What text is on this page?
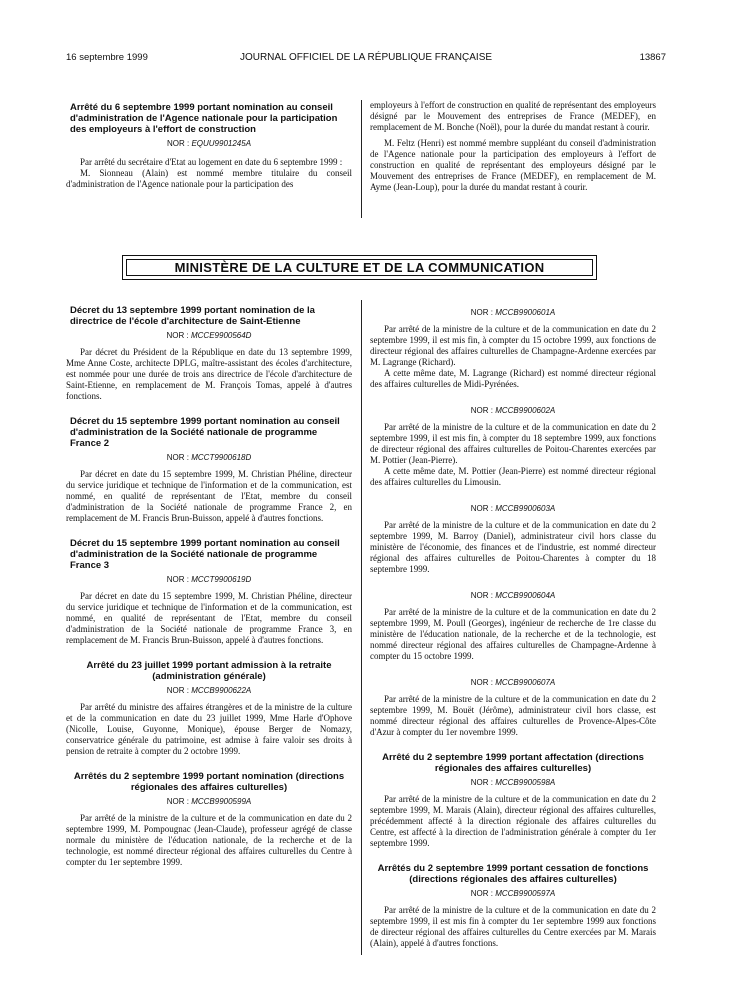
16 septembre 1999	JOURNAL OFFICIEL DE LA RÉPUBLIQUE FRANÇAISE	13867
Arrêté du 6 septembre 1999 portant nomination au conseil d'administration de l'Agence nationale pour la participation des employeurs à l'effort de construction
NOR : EQUU9901245A

Par arrêté du secrétaire d'Etat au logement en date du 6 septembre 1999 :

M. Sionneau (Alain) est nommé membre titulaire du conseil d'administration de l'Agence nationale pour la participation des

employeurs à l'effort de construction en qualité de représentant des employeurs désigné par le Mouvement des entreprises de France (MEDEF), en remplacement de M. Bonche (Noël), pour la durée du mandat restant à courir.

M. Feltz (Henri) est nommé membre suppléant du conseil d'administration de l'Agence nationale pour la participation des employeurs à l'effort de construction en qualité de représentant des employeurs désigné par le Mouvement des entreprises de France (MEDEF), en remplacement de M. Ayme (Jean-Loup), pour la durée du mandat restant à courir.

MINISTÈRE DE LA CULTURE ET DE LA COMMUNICATION
Décret du 13 septembre 1999 portant nomination de la directrice de l'école d'architecture de Saint-Etienne
NOR : MCCE9900564D

Par décret du Président de la République en date du 13 septembre 1999, Mme Anne Coste, architecte DPLG, maître-assistant des écoles d'architecture, est nommée pour une durée de trois ans directrice de l'école d'architecture de Saint-Etienne, en remplacement de M. François Tomas, appelé à d'autres fonctions.

Décret du 15 septembre 1999 portant nomination au conseil d'administration de la Société nationale de programme France 2
NOR : MCCT9900618D

Par décret en date du 15 septembre 1999, M. Christian Phéline, directeur du service juridique et technique de l'information et de la communication, est nommé, en qualité de représentant de l'Etat, membre du conseil d'administration de la Société nationale de programme France 2, en remplacement de M. Francis Brun-Buisson, appelé à d'autres fonctions.

Décret du 15 septembre 1999 portant nomination au conseil d'administration de la Société nationale de programme France 3
NOR : MCCT9900619D

Par décret en date du 15 septembre 1999, M. Christian Phéline, directeur du service juridique et technique de l'information et de la communication, est nommé, en qualité de représentant de l'Etat, membre du conseil d'administration de la Société nationale de programme France 3, en remplacement de M. Francis Brun-Buisson, appelé à d'autres fonctions.

Arrêté du 23 juillet 1999 portant admission à la retraite (administration générale)
NOR : MCCB9900622A

Par arrêté du ministre des affaires étrangères et de la ministre de la culture et de la communication en date du 23 juillet 1999, Mme Harle d'Ophove (Nicolle, Louise, Guyonne, Monique), épouse Berger de Nomazy, conservatrice générale du patrimoine, est admise à faire valoir ses droits à pension de retraite à compter du 2 octobre 1999.

Arrêtés du 2 septembre 1999 portant nomination (directions régionales des affaires culturelles)
NOR : MCCB9900599A

Par arrêté de la ministre de la culture et de la communication en date du 2 septembre 1999, M. Pompougnac (Jean-Claude), professeur agrégé de classe normale du ministère de l'éducation nationale, de la recherche et de la technologie, est nommé directeur régional des affaires culturelles du Centre à compter du 1er septembre 1999.

NOR : MCCB9900601A

Par arrêté de la ministre de la culture et de la communication en date du 2 septembre 1999, il est mis fin, à compter du 15 octobre 1999, aux fonctions de directeur régional des affaires culturelles de Champagne-Ardenne exercées par M. Lagrange (Richard).

A cette même date, M. Lagrange (Richard) est nommé directeur régional des affaires culturelles de Midi-Pyrénées.

NOR : MCCB9900602A

Par arrêté de la ministre de la culture et de la communication en date du 2 septembre 1999, il est mis fin, à compter du 18 septembre 1999, aux fonctions de directeur régional des affaires culturelles de Poitou-Charentes exercées par M. Pottier (Jean-Pierre).

A cette même date, M. Pottier (Jean-Pierre) est nommé directeur régional des affaires culturelles du Limousin.

NOR : MCCB9900603A

Par arrêté de la ministre de la culture et de la communication en date du 2 septembre 1999, M. Barroy (Daniel), administrateur civil hors classe du ministère de l'économie, des finances et de l'industrie, est nommé directeur régional des affaires culturelles de Poitou-Charentes à compter du 18 septembre 1999.

NOR : MCCB9900604A

Par arrêté de la ministre de la culture et de la communication en date du 2 septembre 1999, M. Poull (Georges), ingénieur de recherche de 1re classe du ministère de l'éducation nationale, de la recherche et de la technologie, est nommé directeur régional des affaires culturelles de Champagne-Ardenne à compter du 15 octobre 1999.

NOR : MCCB9900607A

Par arrêté de la ministre de la culture et de la communication en date du 2 septembre 1999, M. Bouët (Jérôme), administrateur civil hors classe, est nommé directeur régional des affaires culturelles de Provence-Alpes-Côte d'Azur à compter du 1er novembre 1999.

Arrêté du 2 septembre 1999 portant affectation (directions régionales des affaires culturelles)
NOR : MCCB9900598A

Par arrêté de la ministre de la culture et de la communication en date du 2 septembre 1999, M. Marais (Alain), directeur régional des affaires culturelles, précédemment affecté à la direction régionale des affaires culturelles du Centre, est affecté à la direction de l'administration générale à compter du 1er septembre 1999.

Arrêtés du 2 septembre 1999 portant cessation de fonctions (directions régionales des affaires culturelles)
NOR : MCCB9900597A

Par arrêté de la ministre de la culture et de la communication en date du 2 septembre 1999, il est mis fin à compter du 1er septembre 1999 aux fonctions de directeur régional des affaires culturelles du Centre exercées par M. Marais (Alain), appelé à d'autres fonctions.
